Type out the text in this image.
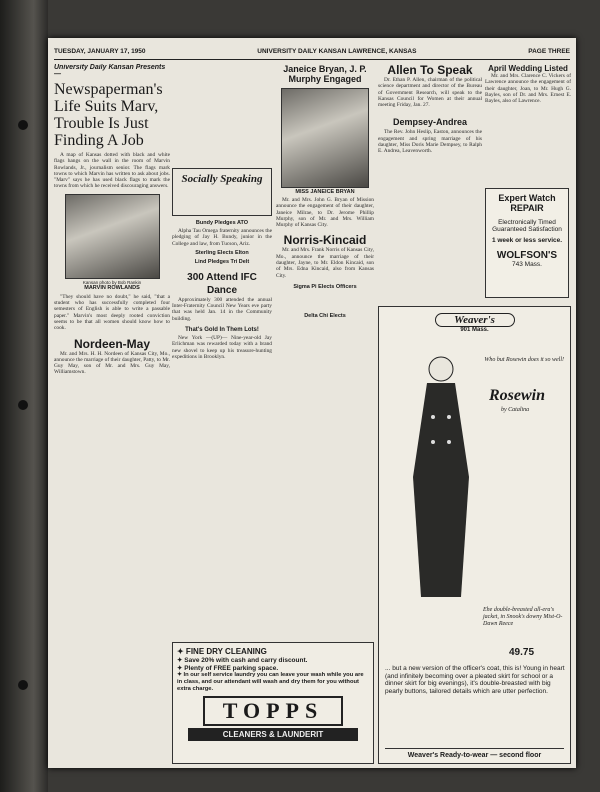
TUESDAY, JANUARY 17, 1950	UNIVERSITY DAILY KANSAN LAWRENCE, KANSAS	PAGE THREE
University Daily Kansan Presents—
Newspaperman's Life Suits Marv, Trouble Is Just Finding A Job

A map of Kansas dotted with black and white flags hangs on the wall in the room of Marvin Rowlands, Jr., journalism senior. The flags mark towns to which Marvin has written to ask about jobs. "Marv" says he has used black flags to mark the towns from which he received discouraging answers.

Kansan photo by Bob Rankin
MARVIN ROWLANDS

"They should have no doubt," he said, "that a student who has successfully completed four semesters of English is able to write a passable paper." Marvin's most deeply rooted conviction seems to be that all women should know how to cook.

Nordeen-May

Mr. and Mrs. H. H. Nordeen of Kansas City, Mo., announce the marriage of their daughter, Patty, to Mr. Guy May, son of Mr. and Mrs. Guy May, Williamstown.

Socially Speaking
Bundy Pledges ATO

Alpha Tau Omega fraternity announces the pledging of Jay H. Bundy, junior in the College and law, from Tucson, Ariz.

Sterling Elects Elton
Lind Pledges Tri Delt
300 Attend IFC Dance

Approximately 300 attended the annual Inter-Fraternity Council New Years eve party that was held Jan. 14 in the Community building.

That's Gold In Them Lots!

New York —(UP)— Nine-year-old Jay Erlichman was rewarded today with a brand new shovel to keep up his treasure-hunting expeditions in Brooklyn.

Janeice Bryan, J. P. Murphy Engaged
MISS JANEICE BRYAN

Mr. and Mrs. John G. Bryan of Mission announce the engagement of their daughter, Janeice Milrae, to Dr. Jerome Phillip Murphy, son of Mr. and Mrs. William Murphy of Kansas City.

Norris-Kincaid

Mr. and Mrs. Frank Norris of Kansas City, Mo., announce the marriage of their daughter, Jayne, to Mr. Eldon Kincaid, son of Mrs. Edna Kincaid, also from Kansas City.

Sigma Pi Elects Officers
Delta Chi Elects
Allen To Speak

Dr. Ethan P. Allen, chairman of the political science department and director of the Bureau of Government Research, will speak to the Kansas Council for Women at their annual meeting Friday, Jan. 27.

Dempsey-Andrea

The Rev. John Heslip, Easton, announces the engagement and spring marriage of his daughter, Miss Doris Marie Dempsey, to Ralph E. Andrea, Leavenworth.

April Wedding Listed

Mr. and Mrs. Clarence C. Vickers of Lawrence announce the engagement of their daughter, Joan, to Mr. Hugh G. Bayles, son of Dr. and Mrs. Ernest E. Bayles, also of Lawrence.

Expert Watch
REPAIR
Electronically Timed
Guaranteed Satisfaction
1 week or less service.
WOLFSON'S
743 Mass.
Weaver's
901 Mass.
Who but Rosewin does it so well!
Rosewin
by Catalina
Ehe double-breasted all-era's jacket, in Snook's downy Mist-O-Dawn Reece
49.75
... but a new version of the officer's coat, this is! Young in heart (and infinitely becoming over a pleated skirt for school or a dinner skirt for big evenings), it's double-breasted with big pearly buttons, tailored details which are utter perfection.
Weaver's Ready-to-wear — second floor
✦ FINE DRY CLEANING
✦ Save 20% with cash and carry discount.
✦ Plenty of FREE parking space.
✦ In our self service laundry you can leave your wash while you are in class, and our attendant will wash and dry them for you without extra charge.
TOPPS
CLEANERS & LAUNDERIT
